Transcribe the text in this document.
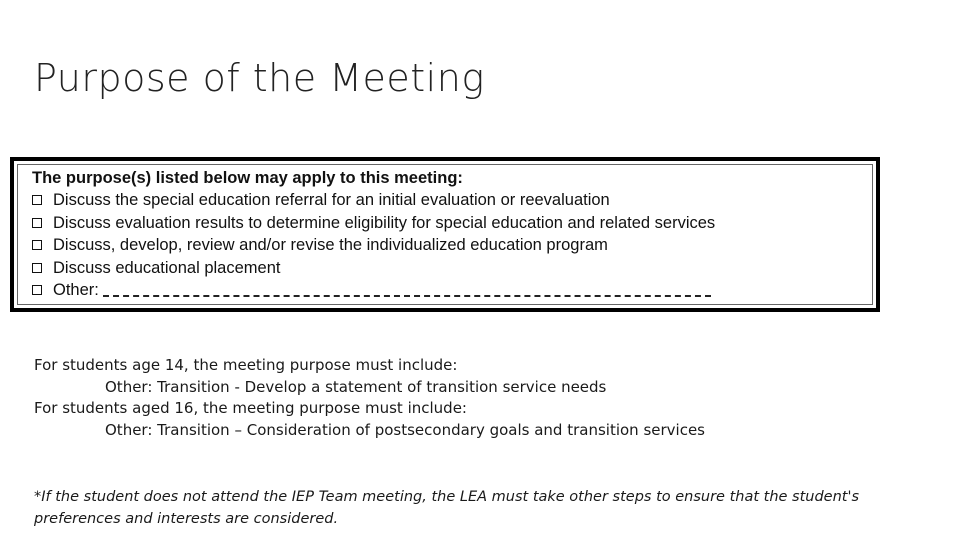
Purpose of the Meeting
The purpose(s) listed below may apply to this meeting:
Discuss the special education referral for an initial evaluation or reevaluation
Discuss evaluation results to determine eligibility for special education and related services
Discuss, develop, review and/or revise the individualized education program
Discuss educational placement
Other:
For students age 14, the meeting purpose must include:
Other: Transition - Develop a statement of transition service needs
For students aged 16, the meeting purpose must include:
Other: Transition – Consideration of postsecondary goals and transition services
*If the student does not attend the IEP Team meeting, the LEA must take other steps to ensure that the student's preferences and interests are considered.
